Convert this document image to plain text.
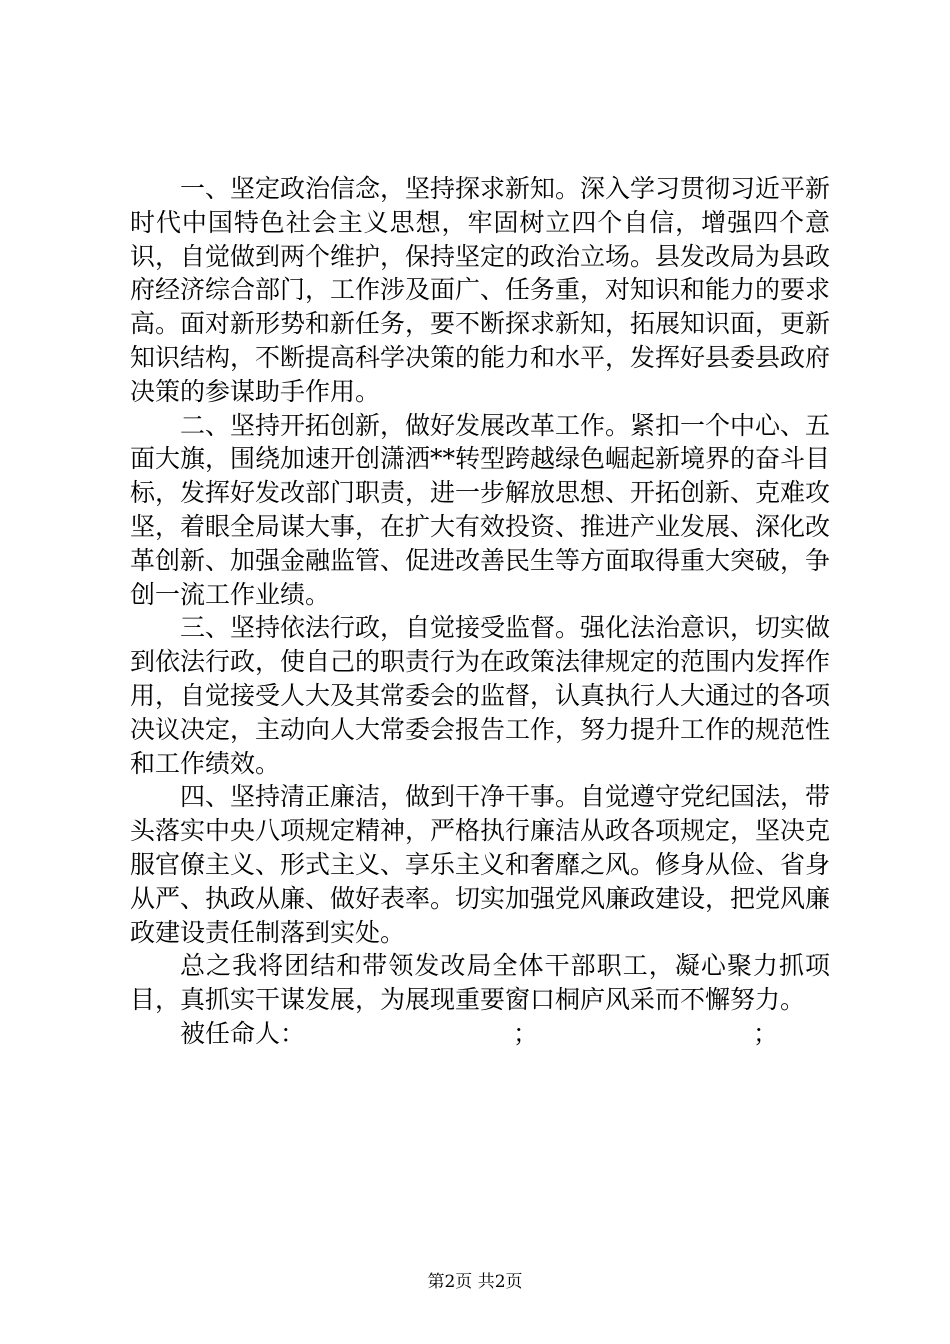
一、坚定政治信念，坚持探求新知。深入学习贯彻习近平新时代中国特色社会主义思想，牢固树立四个自信，增强四个意识，自觉做到两个维护，保持坚定的政治立场。县发改局为县政府经济综合部门，工作涉及面广、任务重，对知识和能力的要求高。面对新形势和新任务，要不断探求新知，拓展知识面，更新知识结构，不断提高科学决策的能力和水平，发挥好县委县政府决策的参谋助手作用。

二、坚持开拓创新，做好发展改革工作。紧扣一个中心、五面大旗，围绕加速开创潇洒**转型跨越绿色崛起新境界的奋斗目标，发挥好发改部门职责，进一步解放思想、开拓创新、克难攻坚，着眼全局谋大事，在扩大有效投资、推进产业发展、深化改革创新、加强金融监管、促进改善民生等方面取得重大突破，争创一流工作业绩。

三、坚持依法行政，自觉接受监督。强化法治意识，切实做到依法行政，使自己的职责行为在政策法律规定的范围内发挥作用，自觉接受人大及其常委会的监督，认真执行人大通过的各项决议决定，主动向人大常委会报告工作，努力提升工作的规范性和工作绩效。

四、坚持清正廉洁，做到干净干事。自觉遵守党纪国法，带头落实中央八项规定精神，严格执行廉洁从政各项规定，坚决克服官僚主义、形式主义、享乐主义和奢靡之风。修身从俭、省身从严、执政从廉、做好表率。切实加强党风廉政建设，把党风廉政建设责任制落到实处。

总之我将团结和带领发改局全体干部职工，凝心聚力抓项目，真抓实干谋发展，为展现重要窗口桐庐风采而不懈努力。

被任命人：	；	；
第2页 共2页
